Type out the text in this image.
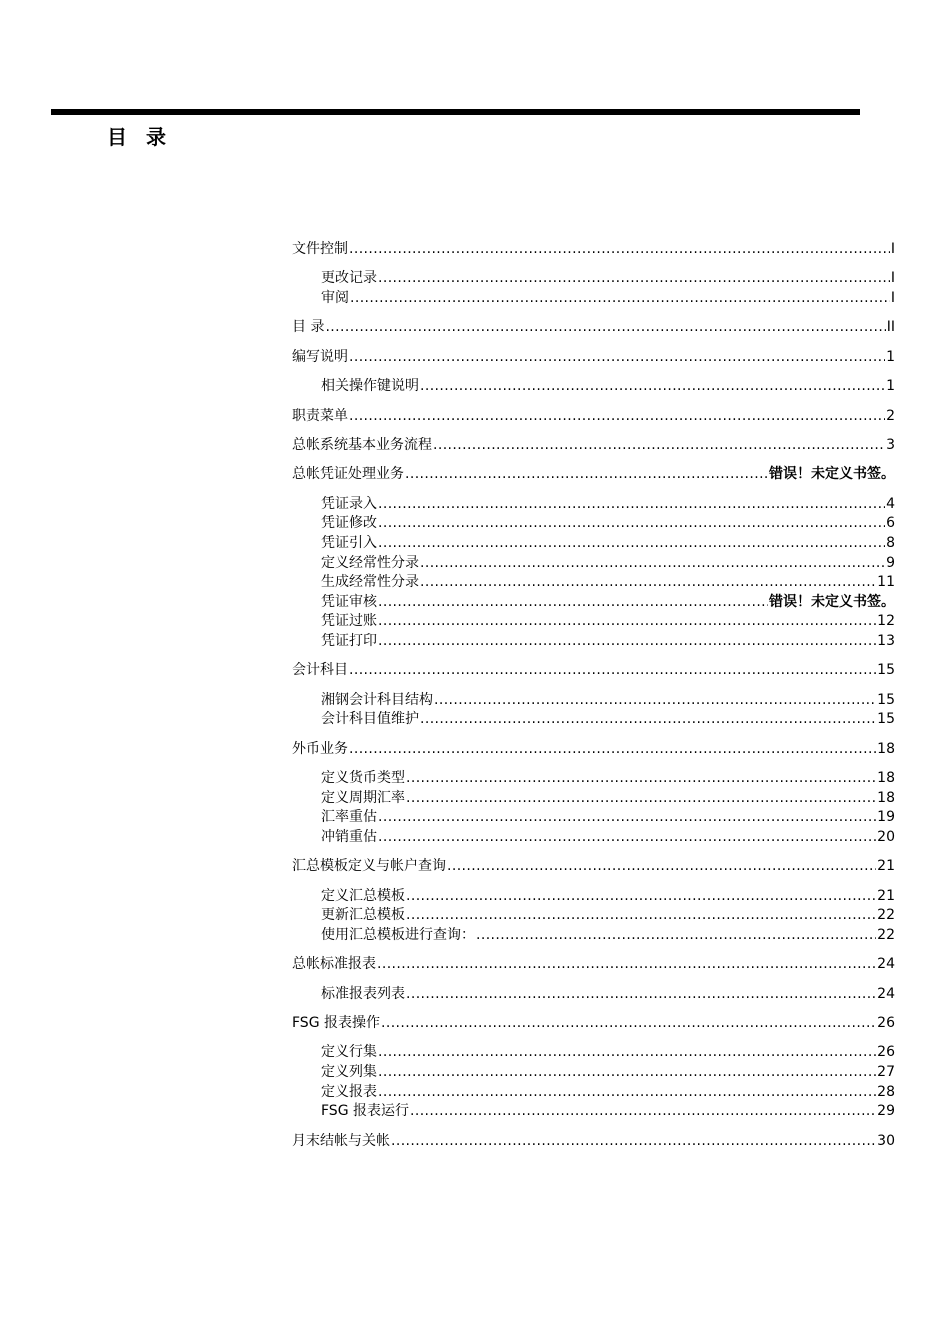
目 录
文件控制 .....	I
更改记录 .....	I
审阅 .....	I
目 录 .....	II
编写说明 .....	1
相关操作键说明 .....	1
职责菜单 .....	2
总帐系统基本业务流程 .....	3
总帐凭证处理业务 .....	错误！未定义书签。
凭证录入 .....	4
凭证修改 .....	6
凭证引入 .....	8
定义经常性分录 .....	9
生成经常性分录 .....	11
凭证审核 .....	错误！未定义书签。
凭证过账 .....	12
凭证打印 .....	13
会计科目 .....	15
湘钢会计科目结构 .....	15
会计科目值维护 .....	15
外币业务 .....	18
定义货币类型 .....	18
定义周期汇率 .....	18
汇率重估 .....	19
冲销重估 .....	20
汇总模板定义与帐户查询 .....	21
定义汇总模板 .....	21
更新汇总模板 .....	22
使用汇总模板进行查询： .....	22
总帐标准报表 .....	24
标准报表列表 .....	24
FSG 报表操作 .....	26
定义行集 .....	26
定义列集 .....	27
定义报表 .....	28
FSG 报表运行 .....	29
月末结帐与关帐 .....	30
